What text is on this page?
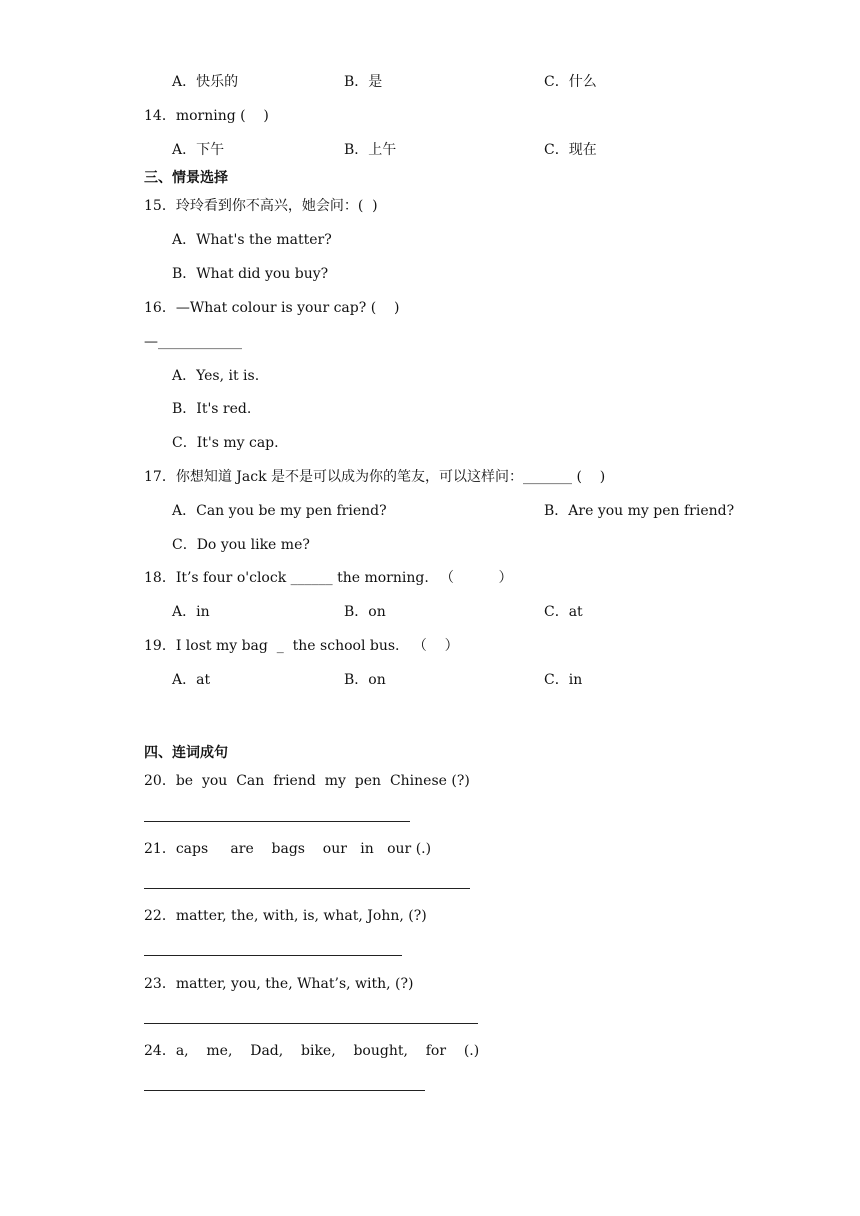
A．快乐的	B．是	C．什么
14．morning (    )
A．下午	B．上午	C．现在
三、情景选择
15．玲玲看到你不高兴，她会问：(  )
A．What's the matter?
B．What did you buy?
16．—What colour is your cap? (    )
—____________
A．Yes, it is.
B．It's red.
C．It's my cap.
17．你想知道 Jack 是不是可以成为你的笔友，可以这样问：_______ (    )
A．Can you be my pen friend?	B．Are you my pen friend?
C．Do you like me?
18．It’s four o'clock ______ the morning. （          ）
A．in	B．on	C．at
19．I lost my bag  _  the school bus.   （    ）
A．at	B．on	C．in
四、连词成句
20．be  you  Can  friend  my  pen  Chinese (?)
21．caps     are    bags    our   in   our (.)
22．matter, the, with, is, what, John, (?)
23．matter, you, the, What’s, with, (?)
24．a,    me,    Dad,    bike,    bought,    for    (.)
